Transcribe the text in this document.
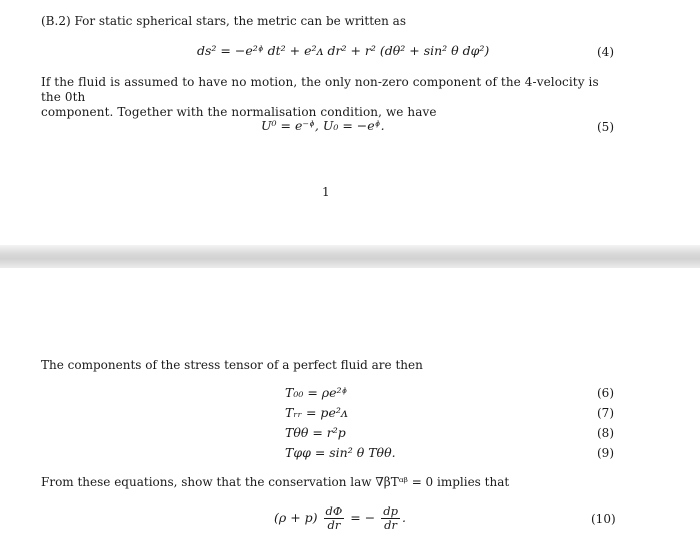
(B.2) For static spherical stars, the metric can be written as
ds² = −e²ᶲ dt² + e²ᴧ dr² + r² (dθ² + sin² θ dφ²)	(4)
If the fluid is assumed to have no motion, the only non-zero component of the 4-velocity is the 0th
component. Together with the normalisation condition, we have
U⁰ = e⁻ᶲ, U₀ = −eᶲ.	(5)
1
The components of the stress tensor of a perfect fluid are then
T₀₀ = ρe²ᶲ	(6)
Tᵣᵣ = pe²ᴧ	(7)
Tθθ = r²p	(8)
Tφφ = sin² θ Tθθ.	(9)
From these equations, show that the conservation law ∇βTᵅᵝ = 0 implies that
$(\rho + p) \frac{d\Phi}{dr}$ = − $\frac{dp}{dr}$ .	(10)
